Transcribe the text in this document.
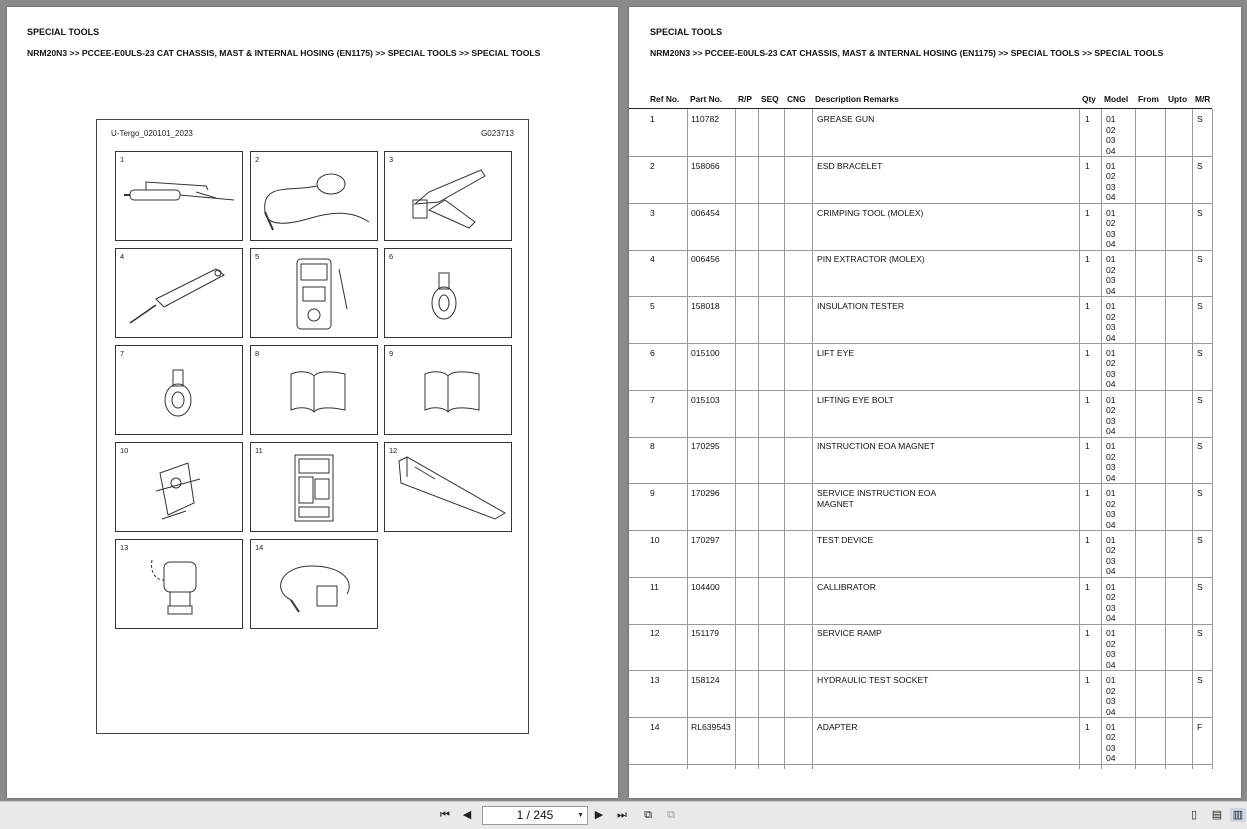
SPECIAL TOOLS
NRM20N3 >> PCCEE-E0ULS-23 CAT CHASSIS, MAST & INTERNAL HOSING (EN1175) >> SPECIAL TOOLS >> SPECIAL TOOLS
U-Tergo_020101_2023	G023713
1	2	3
4	5	6
7	8	9
10	11	12
13	14
SPECIAL TOOLS
NRM20N3 >> PCCEE-E0ULS-23 CAT CHASSIS, MAST & INTERNAL HOSING (EN1175) >> SPECIAL TOOLS >> SPECIAL TOOLS
Ref No. Part No. R/P SEQ CNG Description Remarks	Qty Model From Upto M/R
1	110782	GREASE GUN	1	S
01
02
03
04
2	158066	ESD BRACELET	1	S
01
02
03
04
3	006454	CRIMPING TOOL (MOLEX)	1	S
01
02
03
04
4	006456	PIN EXTRACTOR (MOLEX)	1	S
01
02
03
04
5	158018	INSULATION TESTER	1	S
01
02
03
04
6	015100	LIFT EYE	1	S
01
02
03
04
7	015103	LIFTING EYE BOLT	1	S
01
02
03
04
8	170295	INSTRUCTION EOA MAGNET	1	S
01
02
03
04
9	170296	SERVICE INSTRUCTION EOA
MAGNET
1	S
01
02
03
04
10	170297	TEST DEVICE	1	S
01
02
03
04
11	104400	CALLIBRATOR	1	S
01
02
03
04
12	151179	SERVICE RAMP	1	S
01
02
03
04
13	158124	HYDRAULIC TEST SOCKET	1	S
01
02
03
04
14	RL639543	ADAPTER	1	F
01
02
03
04
⏮	◀	1 / 245	▼ ▶	⏭	⧉	⧉	▯	▤ ▥
